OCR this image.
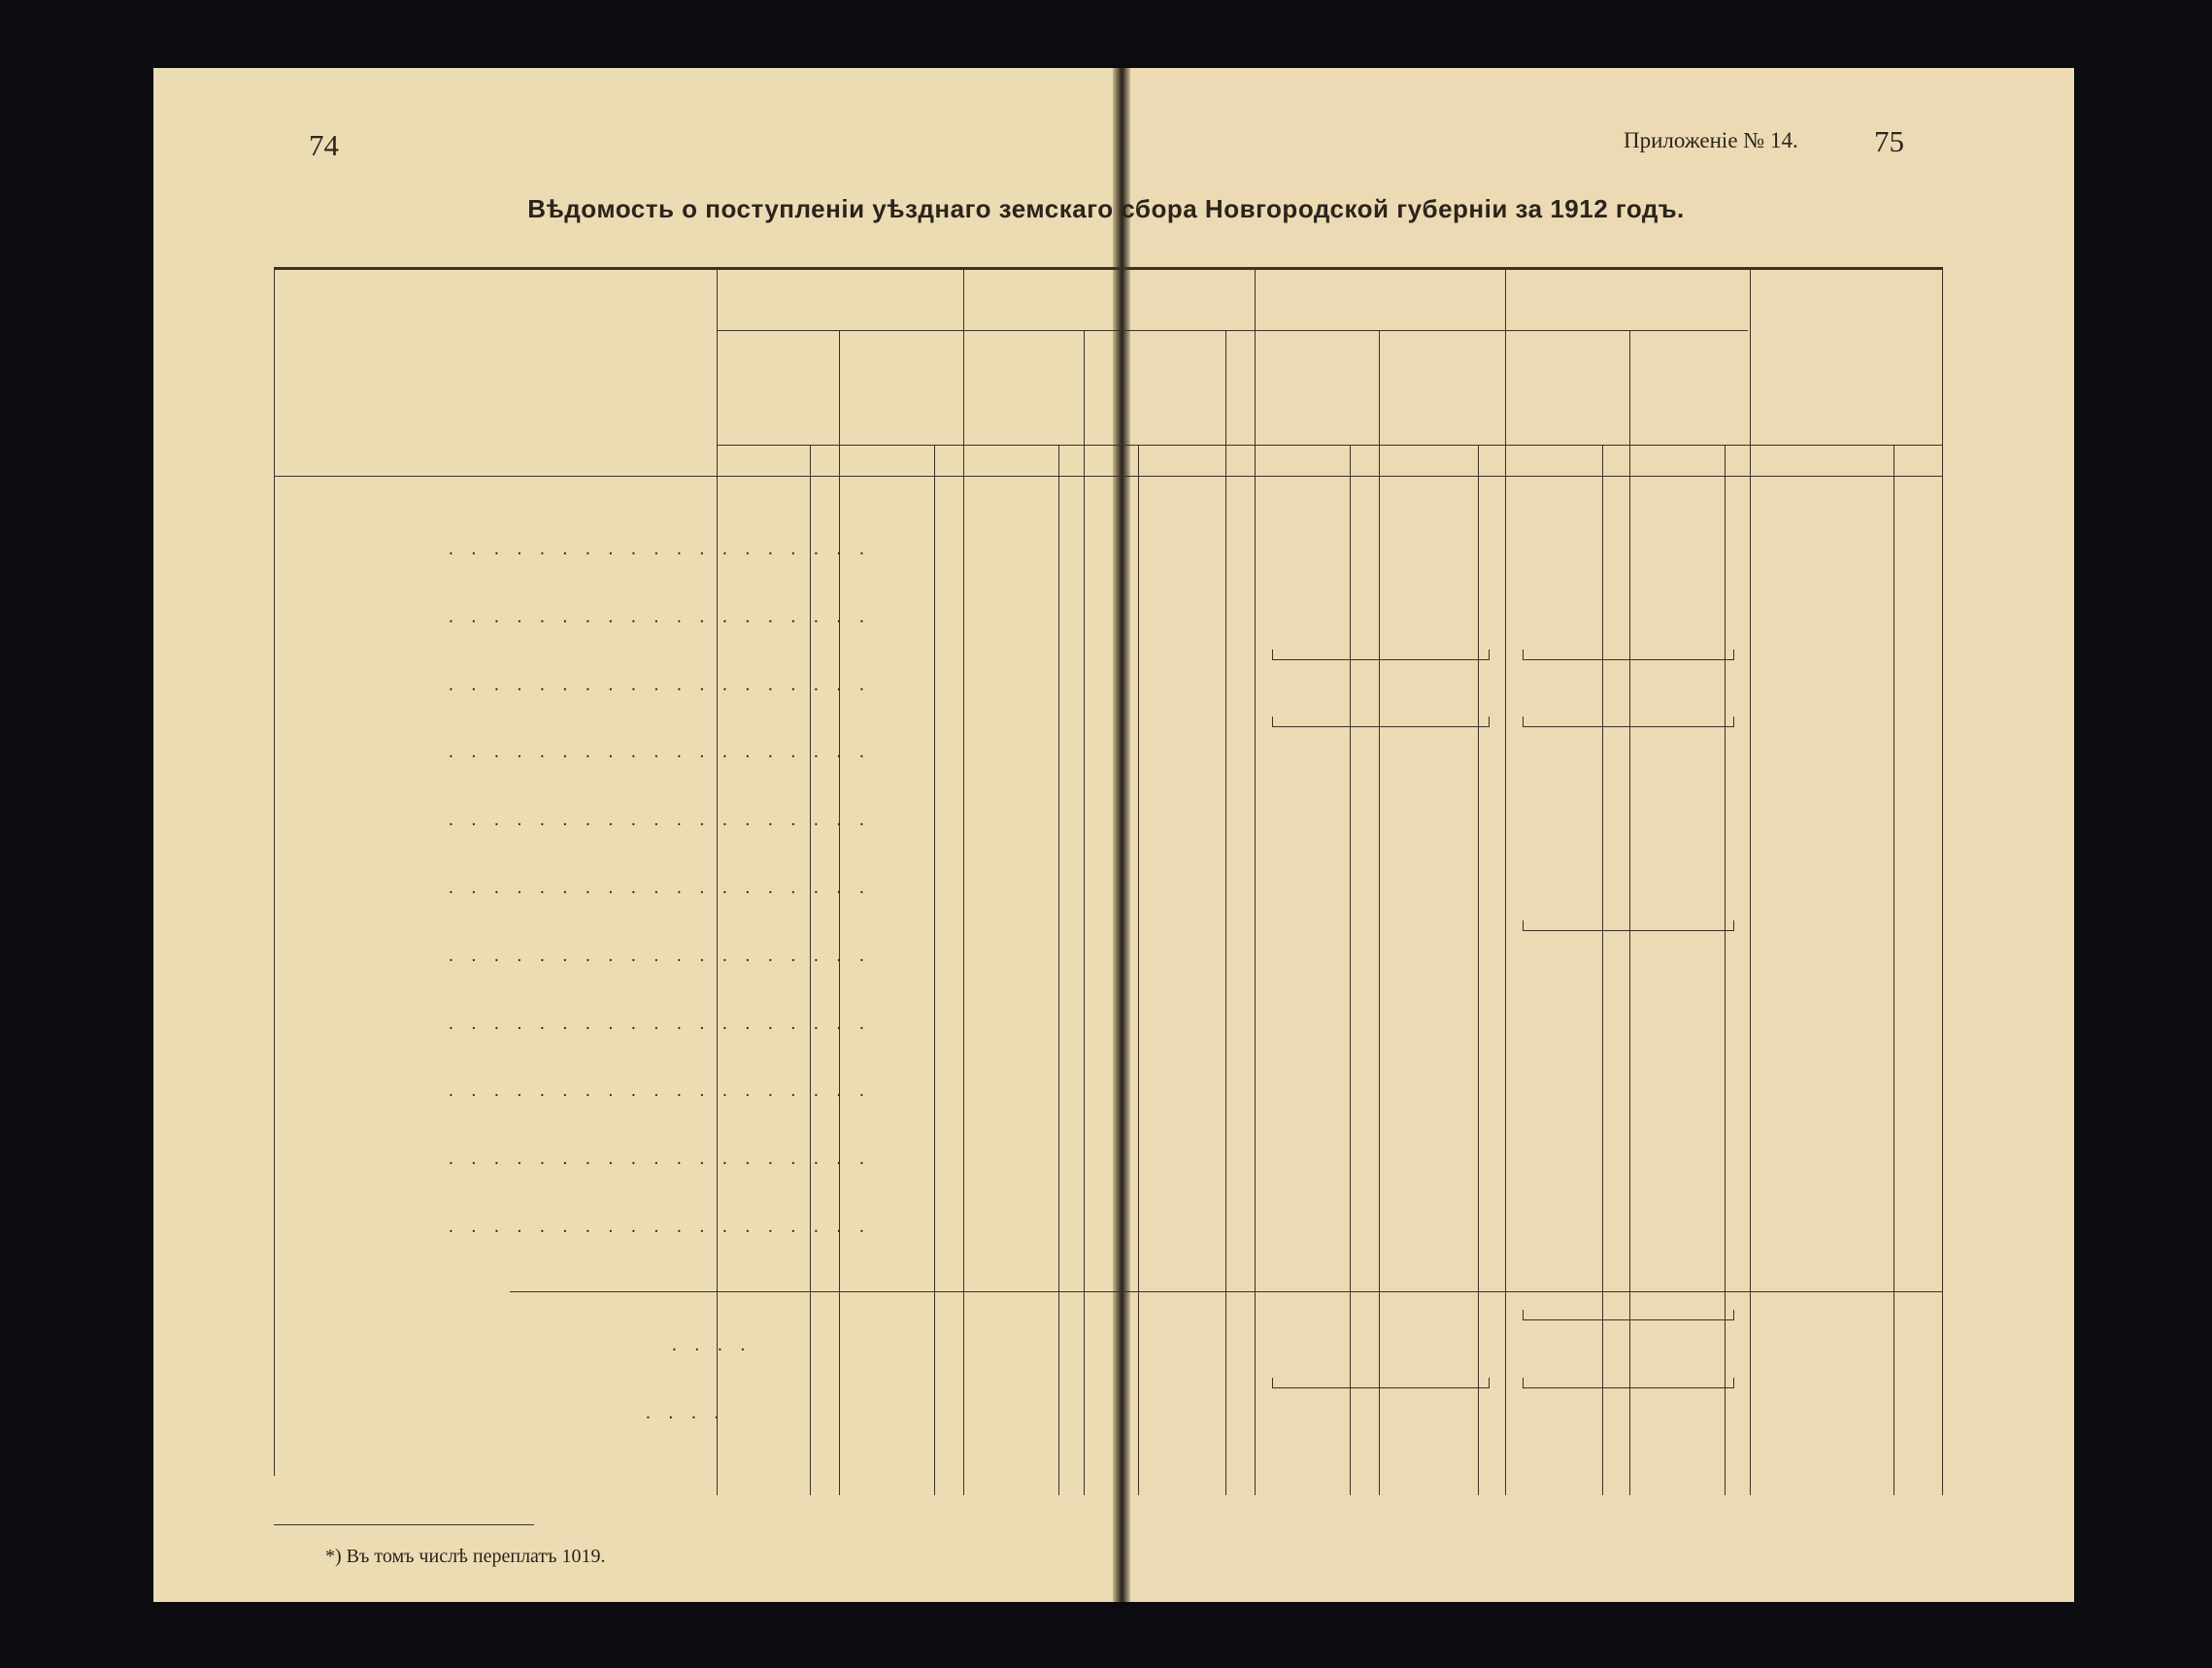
74	Приложеніе № 14.	75
Вѣдомость о поступленіи уѣзднаго земскаго сбора Новгородской губерніи за 1912 годъ.
. . . . . . . . . . . . . . . . . . .
. . . . . . . . . . . . . . . . . . .
. . . . . . . . . . . . . . . . . . .
. . . . . . . . . . . . . . . . . . .
. . . . . . . . . . . . . . . . . . .
. . . . . . . . . . . . . . . . . . .
. . . . . . . . . . . . . . . . . . .
. . . . . . . . . . . . . . . . . . .
. . . . . . . . . . . . . . . . . . .
. . . . . . . . . . . . . . . . . . .
. . . . . . . . . . . . . . . . . . .
. . . .
. . . .
*) Въ томъ числѣ переплатъ 1019.
